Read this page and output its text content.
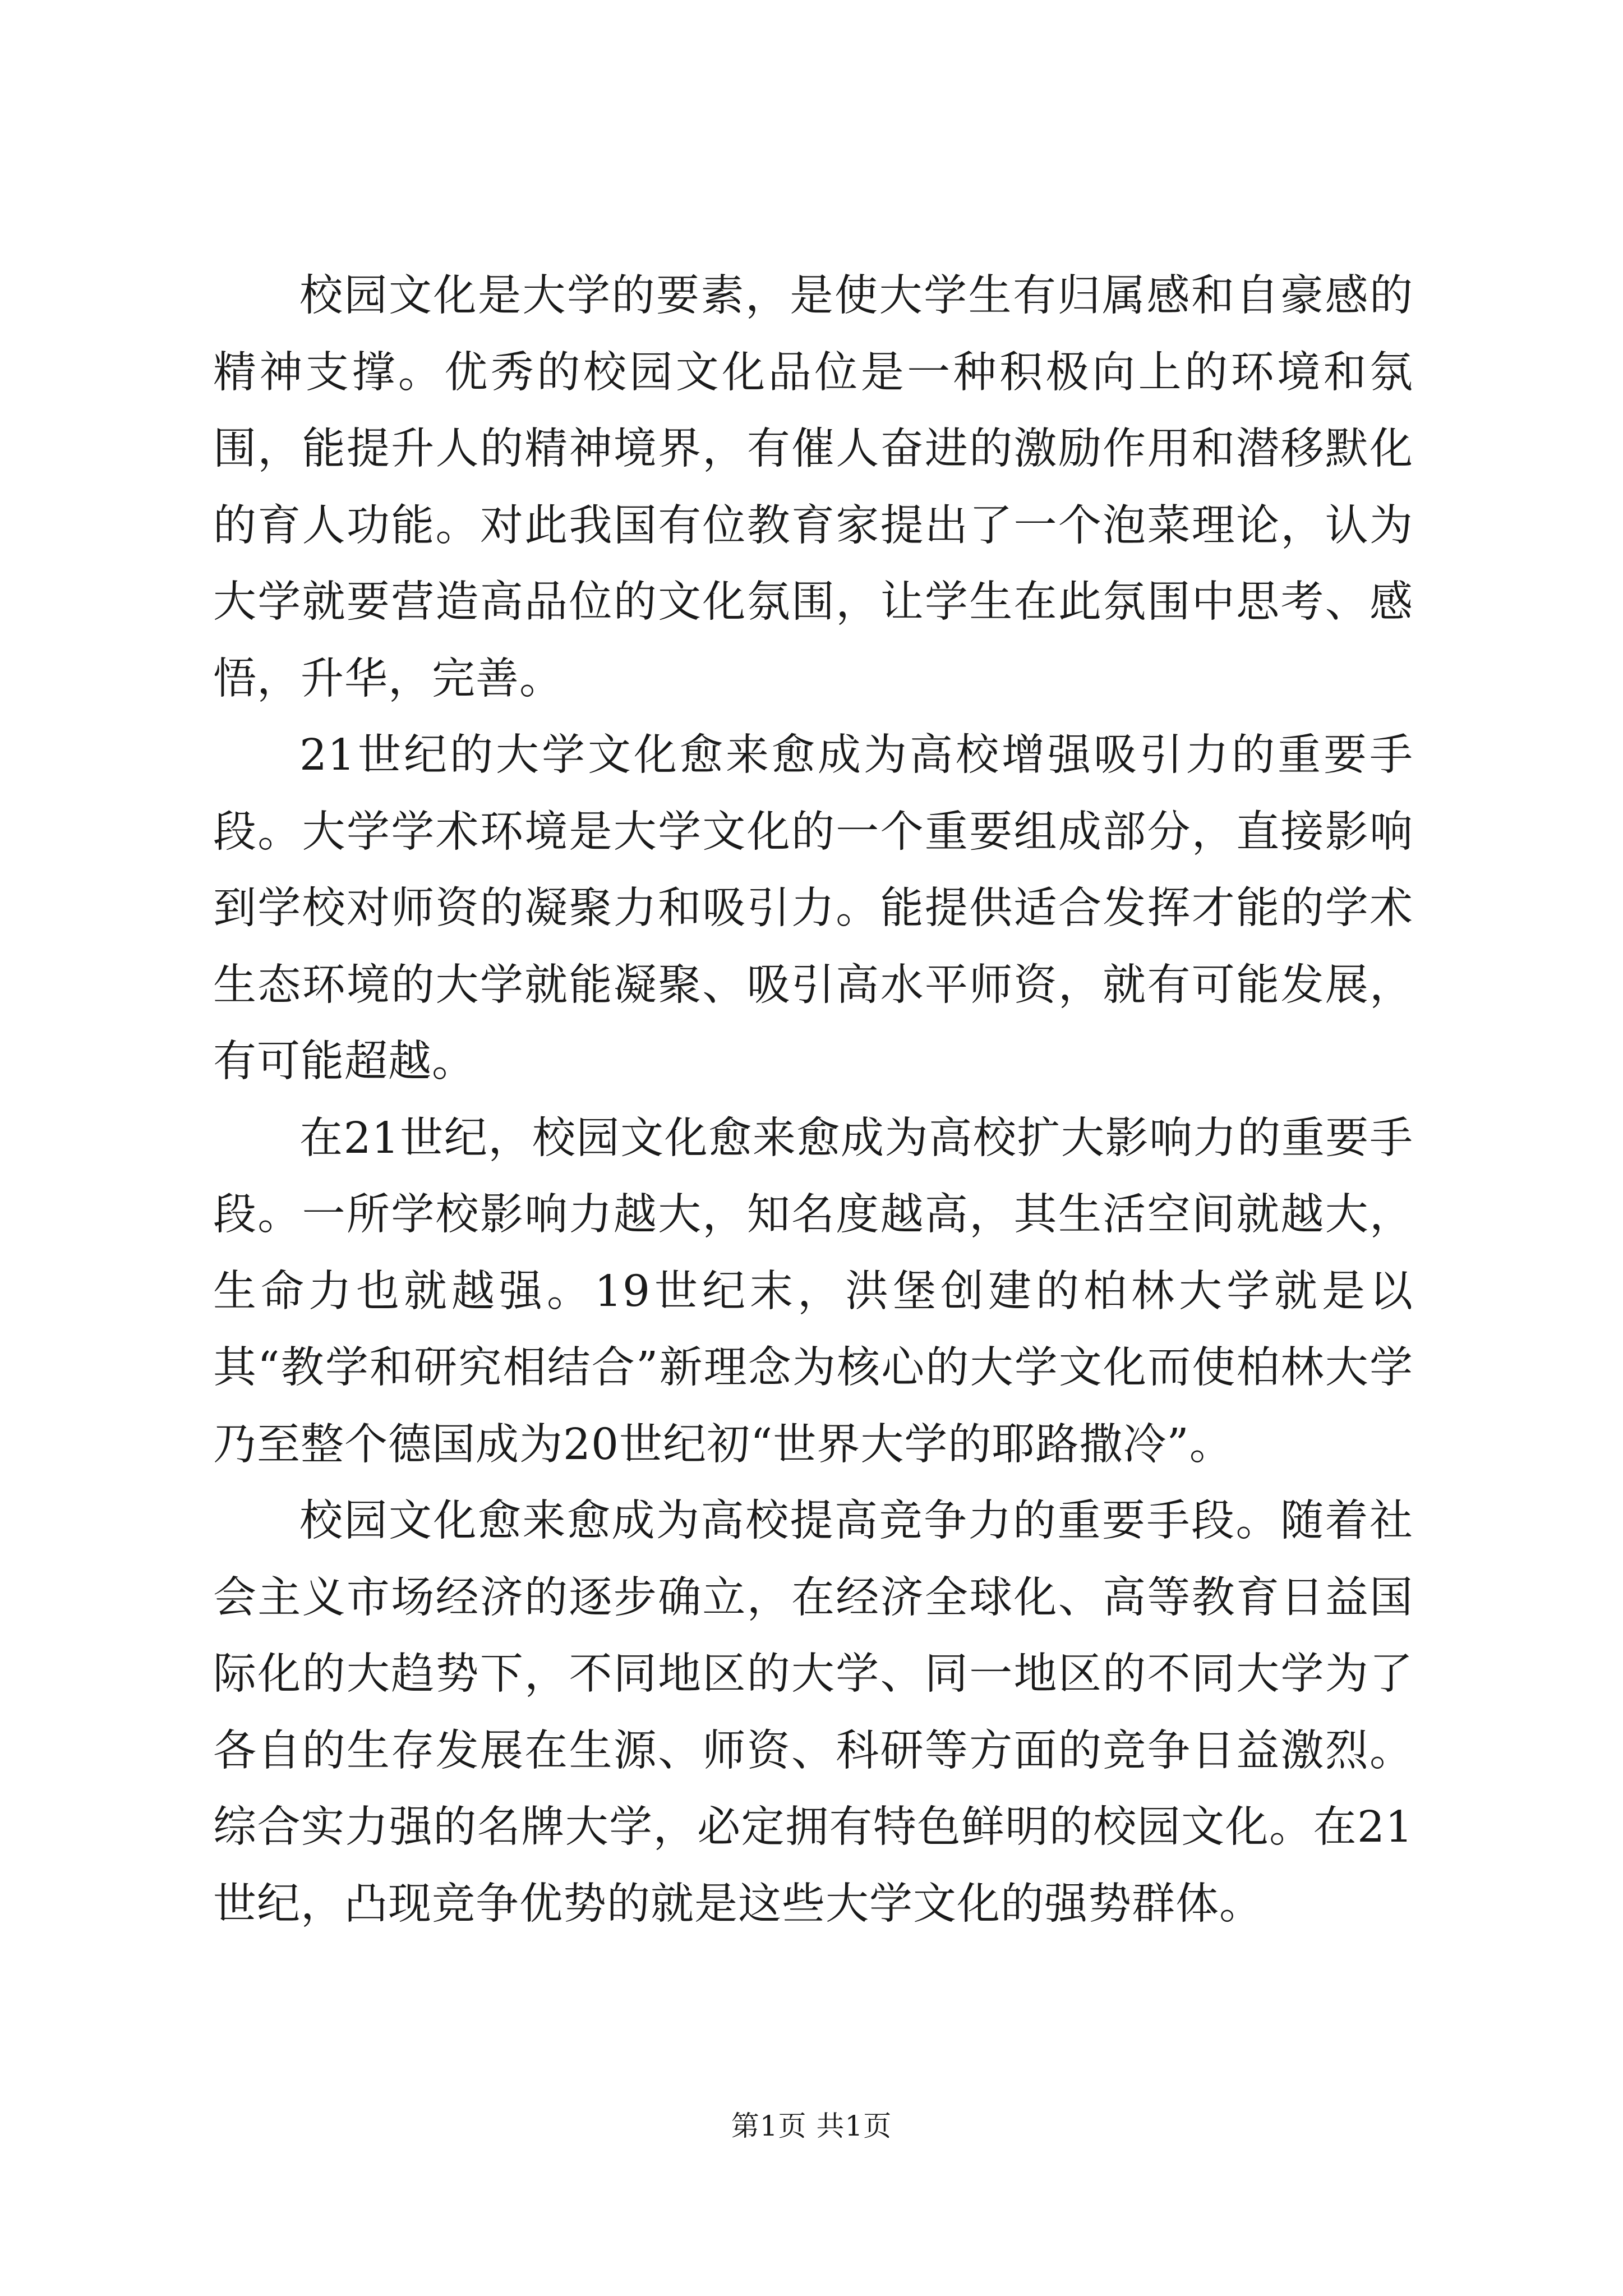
校园文化是大学的要素，是使大学生有归属感和自豪感的精神支撑。优秀的校园文化品位是一种积极向上的环境和氛围，能提升人的精神境界，有催人奋进的激励作用和潜移默化的育人功能。对此我国有位教育家提出了一个泡菜理论，认为大学就要营造高品位的文化氛围，让学生在此氛围中思考、感悟，升华，完善。

21世纪的大学文化愈来愈成为高校增强吸引力的重要手段。大学学术环境是大学文化的一个重要组成部分，直接影响到学校对师资的凝聚力和吸引力。能提供适合发挥才能的学术生态环境的大学就能凝聚、吸引高水平师资，就有可能发展，有可能超越。

在21世纪，校园文化愈来愈成为高校扩大影响力的重要手段。一所学校影响力越大，知名度越高，其生活空间就越大，生命力也就越强。19世纪末，洪堡创建的柏林大学就是以其“教学和研究相结合”新理念为核心的大学文化而使柏林大学乃至整个德国成为20世纪初“世界大学的耶路撒冷”。

校园文化愈来愈成为高校提高竞争力的重要手段。随着社会主义市场经济的逐步确立，在经济全球化、高等教育日益国际化的大趋势下，不同地区的大学、同一地区的不同大学为了各自的生存发展在生源、师资、科研等方面的竞争日益激烈。综合实力强的名牌大学，必定拥有特色鲜明的校园文化。在21世纪，凸现竞争优势的就是这些大学文化的强势群体。

第1页 共1页
